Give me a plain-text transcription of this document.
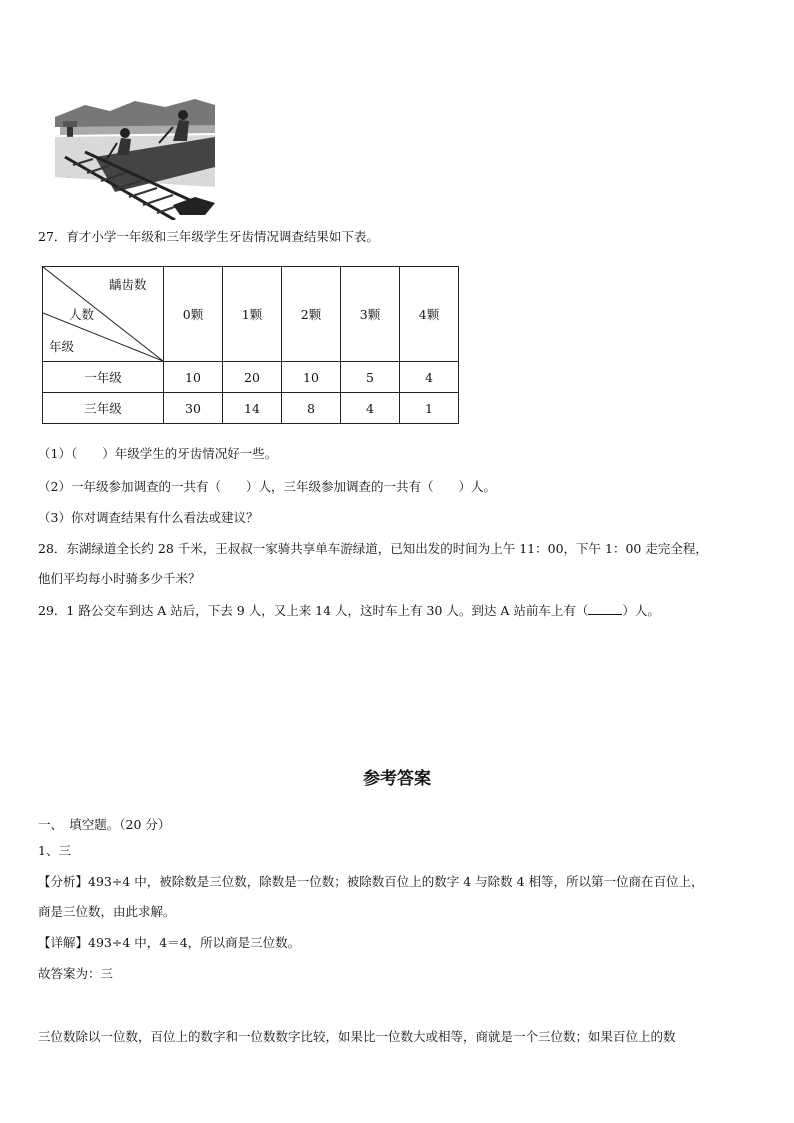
27．育才小学一年级和三年级学生牙齿情况调查结果如下表。
龋齿数
人数
年级	0颗	1颗	2颗	3颗	4颗
一年级	10	20	10	5	4
三年级	30	14	8	4	1
（1）（　　）年级学生的牙齿情况好一些。
（2）一年级参加调查的一共有（　　）人，三年级参加调查的一共有（　　）人。
（3）你对调查结果有什么看法或建议？
28．东湖绿道全长约 28 千米，王叔叔一家骑共享单车游绿道，已知出发的时间为上午 11：00，下午 1：00 走完全程，
他们平均每小时骑多少千米？
29．1 路公交车到达 A 站后，下去 9 人，又上来 14 人，这时车上有 30 人。到达 A 站前车上有（	）人。
参考答案
一、　填空题。（20 分）
1、三
【分析】493÷4 中，被除数是三位数，除数是一位数；被除数百位上的数字 4 与除数 4 相等，所以第一位商在百位上，
商是三位数，由此求解。
【详解】493÷4 中，4＝4，所以商是三位数。
故答案为：三
三位数除以一位数，百位上的数字和一位数数字比较，如果比一位数大或相等，商就是一个三位数；如果百位上的数
